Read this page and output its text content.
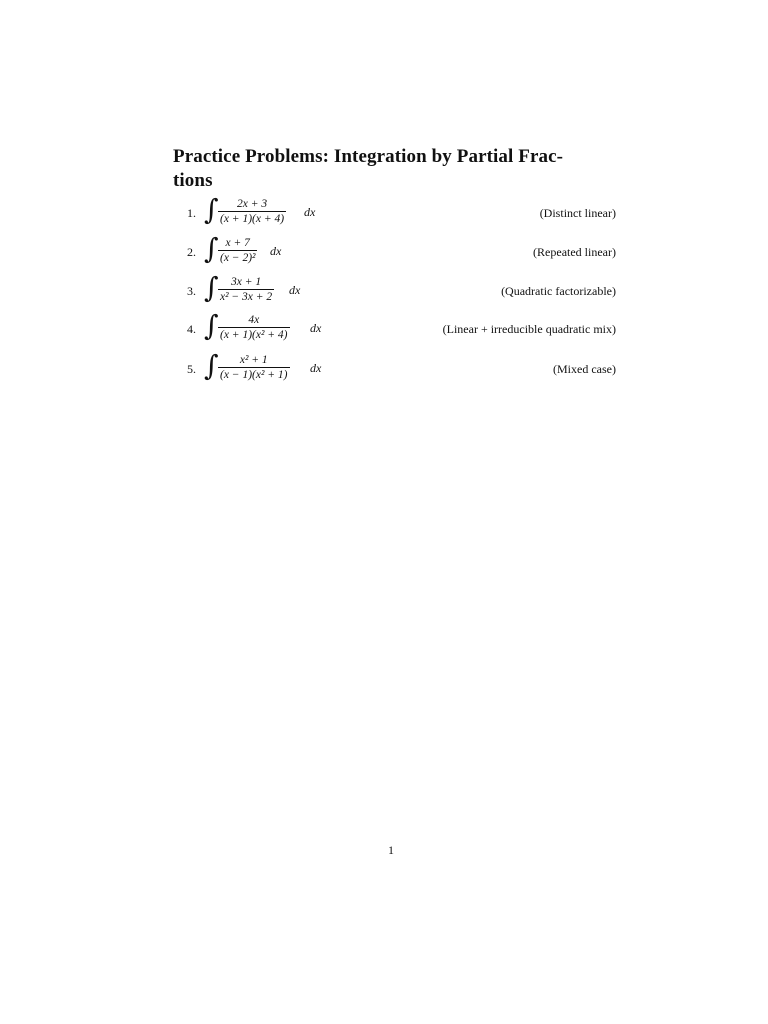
Practice Problems: Integration by Partial Frac-
tions
1. ∫ $\frac{2x + 3}{(x + 1)(x + 4)}$ dx	(Distinct linear)
2. ∫ $\frac{x + 7}{\text{(x − 2)²}}$ dx	(Repeated linear)
3. ∫ $\frac{3x + 1}{\text{x² − 3x + 2}}$ dx	(Quadratic factorizable)
4. ∫ $\frac{4x}{\text{(x + 1)(x² + 4)}}$ dx	(Linear + irreducible quadratic mix)
5. ∫ $\frac{\text{x² + 1}}{\text{(x − 1)(x² + 1)}}$ dx	(Mixed case)
1
